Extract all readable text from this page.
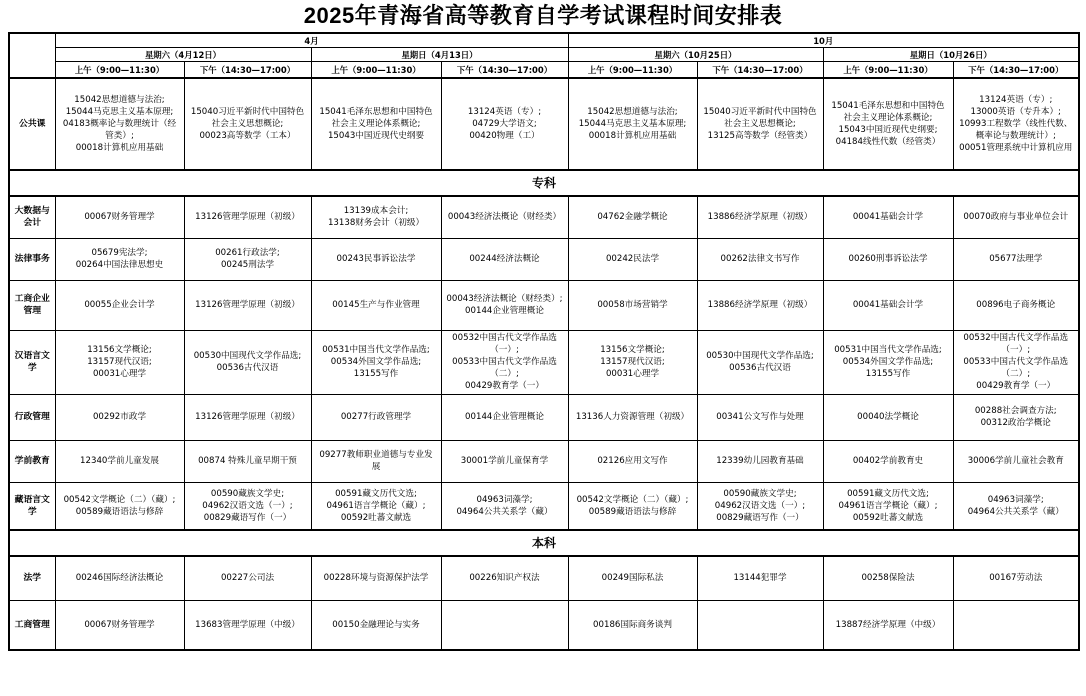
2025年青海省高等教育自学考试课程时间安排表
	4月				10月			
	星期六（4月12日）		星期日（4月13日）		星期六（10月25日）		星期日（10月26日）	
	上午（9:00—11:30）	下午（14:30—17:00）	上午（9:00—11:30）	下午（14:30—17:00）	上午（9:00—11:30）	下午（14:30—17:00）	上午（9:00—11:30）	下午（14:30—17:00）

公共课	15042思想道德与法治;
15044马克思主义基本原理;
04183概率论与数理统计（经
管类）;
00018计算机应用基础	15040习近平新时代中国特色
社会主义思想概论;
00023高等数学（工本）	15041毛泽东思想和中国特色
社会主义理论体系概论;
15043中国近现代史纲要	13124英语（专）;
04729大学语文;
00420物理（工）	15042思想道德与法治;
15044马克思主义基本原理;
00018计算机应用基础	15040习近平新时代中国特色
社会主义思想概论;
13125高等数学（经管类）	15041毛泽东思想和中国特色
社会主义理论体系概论;
15043中国近现代史纲要;
04184线性代数（经管类）	13124英语（专）;
13000英语（专升本）;
10993工程数学（线性代数、
概率论与数理统计）;
00051管理系统中计算机应用

专科								

大数据与
会计	00067财务管理学	13126管理学原理（初级）	13139成本会计;
13138财务会计（初级）	00043经济法概论（财经类）	04762金融学概论	13886经济学原理（初级）	00041基础会计学	00070政府与事业单位会计

法律事务	05679宪法学;
00264中国法律思想史	00261行政法学;
00245刑法学	00243民事诉讼法学	00244经济法概论	00242民法学	00262法律文书写作	00260刑事诉讼法学	05677法理学

工商企业
管理	00055企业会计学	13126管理学原理（初级）	00145生产与作业管理	00043经济法概论（财经类）;
00144企业管理概论	00058市场营销学	13886经济学原理（初级）	00041基础会计学	00896电子商务概论

汉语言文
学	13156文学概论;
13157现代汉语;
00031心理学	00530中国现代文学作品选;
00536古代汉语	00531中国当代文学作品选;
00534外国文学作品选;
13155写作	00532中国古代文学作品选
（一）;
00533中国古代文学作品选
（二）;
00429教育学（一）	13156文学概论;
13157现代汉语;
00031心理学	00530中国现代文学作品选;
00536古代汉语	00531中国当代文学作品选;
00534外国文学作品选;
13155写作	00532中国古代文学作品选
（一）;
00533中国古代文学作品选
（二）;
00429教育学（一）

行政管理	00292市政学	13126管理学原理（初级）	00277行政管理学	00144企业管理概论	13136人力资源管理（初级）	00341公文写作与处理	00040法学概论	00288社会调查方法;
00312政治学概论

学前教育	12340学前儿童发展	00874 特殊儿童早期干预	09277教师职业道德与专业发
展	30001学前儿童保育学	02126应用文写作	12339幼儿园教育基础	00402学前教育史	30006学前儿童社会教育

藏语言文
学	00542文学概论（二）（藏）;
00589藏语语法与修辞	00590藏族文学史;
04962汉语文选（一）;
00829藏语写作（一）	00591藏文历代文选;
04961语言学概论（藏）;
00592吐蕃文献选	04963词藻学;
04964公共关系学（藏）	00542文学概论（二）（藏）;
00589藏语语法与修辞	00590藏族文学史;
04962汉语文选（一）;
00829藏语写作（一）	00591藏文历代文选;
04961语言学概论（藏）;
00592吐蕃文献选	04963词藻学;
04964公共关系学（藏）

本科								

法学	00246国际经济法概论	00227公司法	00228环境与资源保护法学	00226知识产权法	00249国际私法	13144犯罪学	00258保险法	00167劳动法

工商管理	00067财务管理学	13683管理学原理（中级）	00150金融理论与实务		00186国际商务谈判		13887经济学原理（中级）	
